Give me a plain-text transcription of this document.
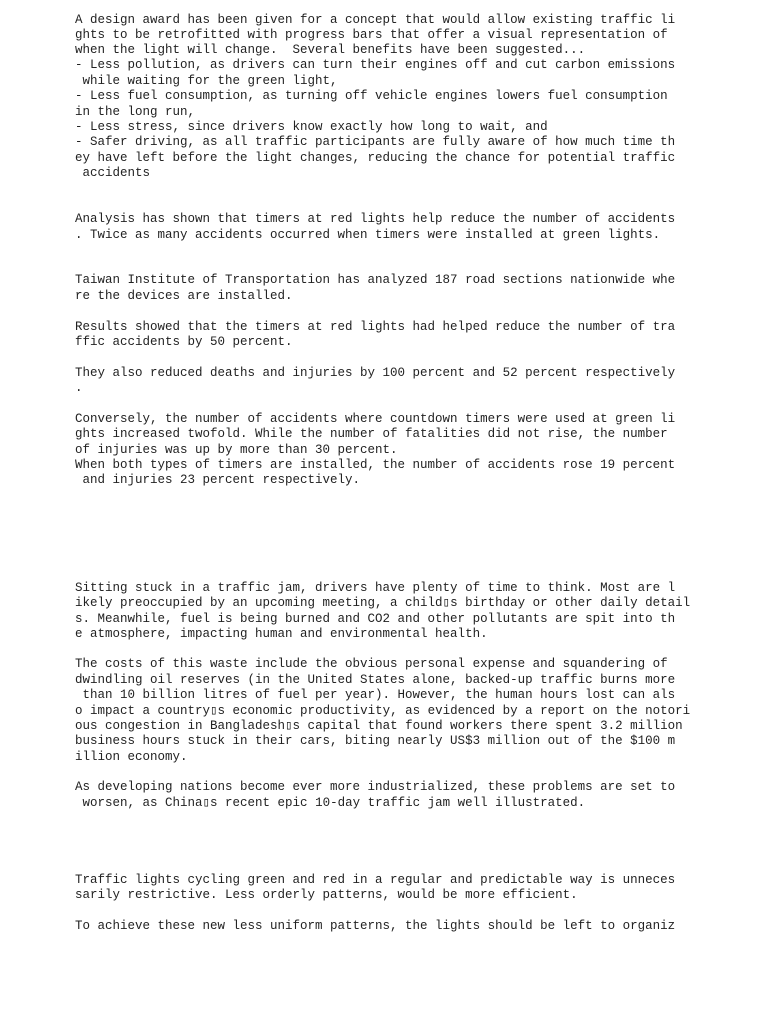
A design award has been given for a concept that would allow existing traffic li
ghts to be retrofitted with progress bars that offer a visual representation of
when the light will change.  Several benefits have been suggested...
- Less pollution, as drivers can turn their engines off and cut carbon emissions
while waiting for the green light,
- Less fuel consumption, as turning off vehicle engines lowers fuel consumption
in the long run,
- Less stress, since drivers know exactly how long to wait, and
- Safer driving, as all traffic participants are fully aware of how much time th
ey have left before the light changes, reducing the chance for potential traffic
accidents
Analysis has shown that timers at red lights help reduce the number of accidents
. Twice as many accidents occurred when timers were installed at green lights.
Taiwan Institute of Transportation has analyzed 187 road sections nationwide whe
re the devices are installed.
Results showed that the timers at red lights had helped reduce the number of tra
ffic accidents by 50 percent.
They also reduced deaths and injuries by 100 percent and 52 percent respectively
.
Conversely, the number of accidents where countdown timers were used at green li
ghts increased twofold. While the number of fatalities did not rise, the number
of injuries was up by more than 30 percent.
When both types of timers are installed, the number of accidents rose 19 percent
and injuries 23 percent respectively.
Sitting stuck in a traffic jam, drivers have plenty of time to think. Most are l
ikely preoccupied by an upcoming meeting, a child▯s birthday or other daily detail
s. Meanwhile, fuel is being burned and CO2 and other pollutants are spit into th
e atmosphere, impacting human and environmental health.
The costs of this waste include the obvious personal expense and squandering of
dwindling oil reserves (in the United States alone, backed-up traffic burns more
than 10 billion litres of fuel per year). However, the human hours lost can als
o impact a country▯s economic productivity, as evidenced by a report on the notori
ous congestion in Bangladesh▯s capital that found workers there spent 3.2 million
business hours stuck in their cars, biting nearly US$3 million out of the $100 m
illion economy.
As developing nations become ever more industrialized, these problems are set to
worsen, as China▯s recent epic 10-day traffic jam well illustrated.
Traffic lights cycling green and red in a regular and predictable way is unneces
sarily restrictive. Less orderly patterns, would be more efficient.
To achieve these new less uniform patterns, the lights should be left to organiz
